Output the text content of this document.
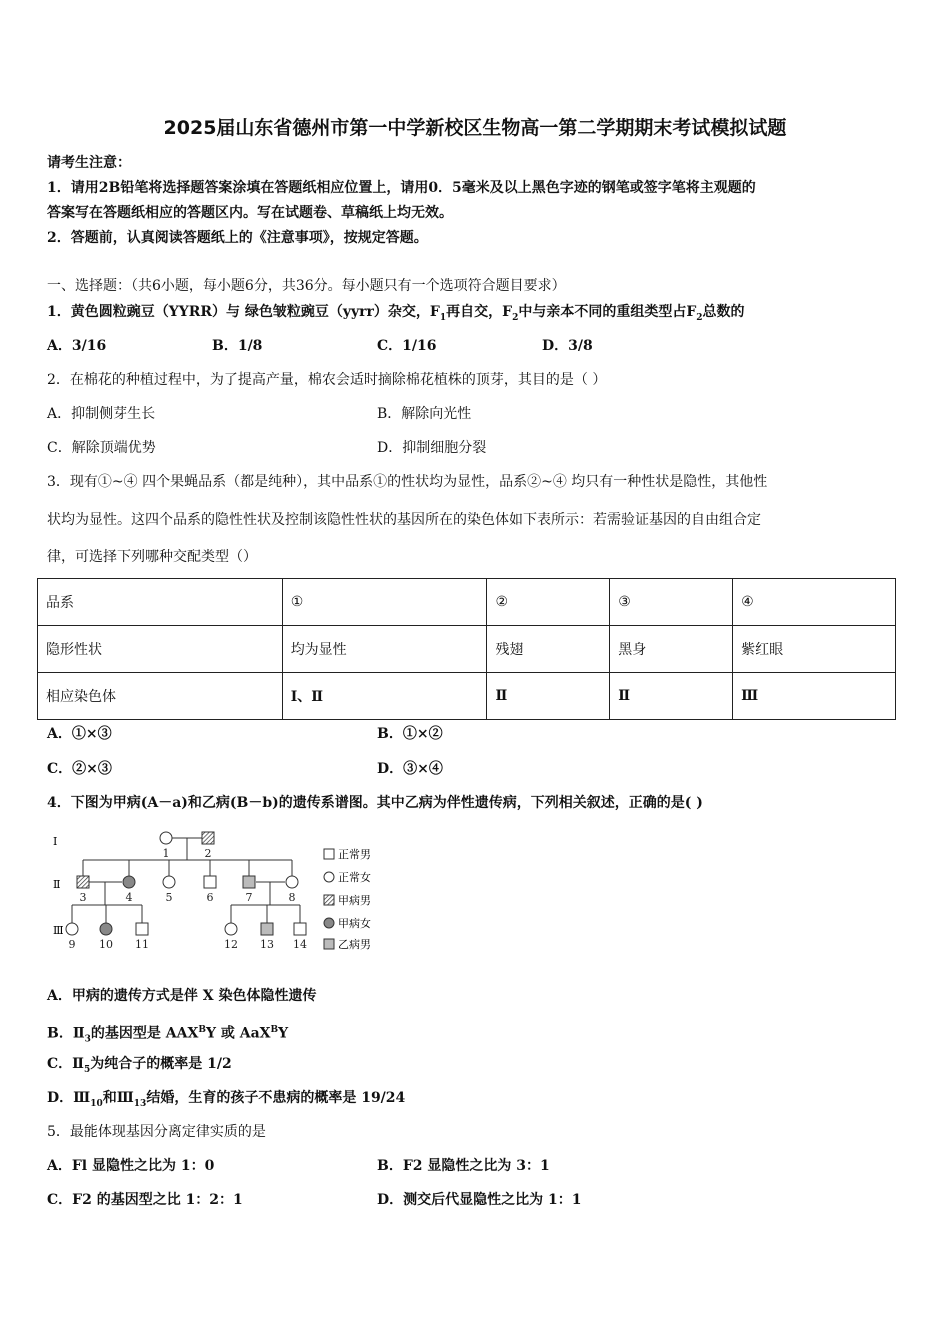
2025届山东省德州市第一中学新校区生物高一第二学期期末考试模拟试题
请考生注意：
1．请用2B铅笔将选择题答案涂填在答题纸相应位置上，请用0．5毫米及以上黑色字迹的钢笔或签字笔将主观题的
答案写在答题纸相应的答题区内。写在试题卷、草稿纸上均无效。
2．答题前，认真阅读答题纸上的《注意事项》，按规定答题。
一、选择题：（共6小题，每小题6分，共36分。每小题只有一个选项符合题目要求）
1．黄色圆粒豌豆（YYRR）与 绿色皱粒豌豆（yyrr）杂交，$F_1$再自交，$F_2$中与亲本不同的重组类型占$F_2$总数的
A．3/16	B．1/8	C．1/16	D．3/8
2．在棉花的种植过程中，为了提高产量，棉农会适时摘除棉花植株的顶芽，其目的是（ ）
A．抑制侧芽生长	B．解除向光性
C．解除顶端优势	D．抑制细胞分裂
3．现有①~④ 四个果蝇品系（都是纯种），其中品系①的性状均为显性，品系②~④ 均只有一种性状是隐性，其他性
状均为显性。这四个品系的隐性性状及控制该隐性性状的基因所在的染色体如下表所示：若需验证基因的自由组合定
律，可选择下列哪种交配类型（）
品系	①	②	③	④
隐形性状	均为显性	残翅	黑身	紫红眼
相应染色体	Ⅰ、Ⅱ	Ⅱ	Ⅱ	Ⅲ
A．①×③	B．①×②
C．②×③	D．③×④
4．下图为甲病(A－a)和乙病(B－b)的遗传系谱图。其中乙病为伴性遗传病，下列相关叙述，正确的是( )
Ⅰ
Ⅱ
Ⅲ
1	2
3	4	5	6	7	8
9 10 11	12 13 14
正常男
正常女
甲病男
甲病女
乙病男
A．甲病的遗传方式是伴 X 染色体隐性遗传
B．$Ⅱ_3$的基因型是 $AAX^BY$ 或 AaX$^B$Y
C．$Ⅱ_5$为纯合子的概率是 1/2
D．$Ⅲ_{10}$和$Ⅲ_{13}$结婚，生育的孩子不患病的概率是 19/24
5．最能体现基因分离定律实质的是
A．Fl 显隐性之比为 1：0	B．F2 显隐性之比为 3：1
C．F2 的基因型之比 1：2：1	D．测交后代显隐性之比为 1：1
